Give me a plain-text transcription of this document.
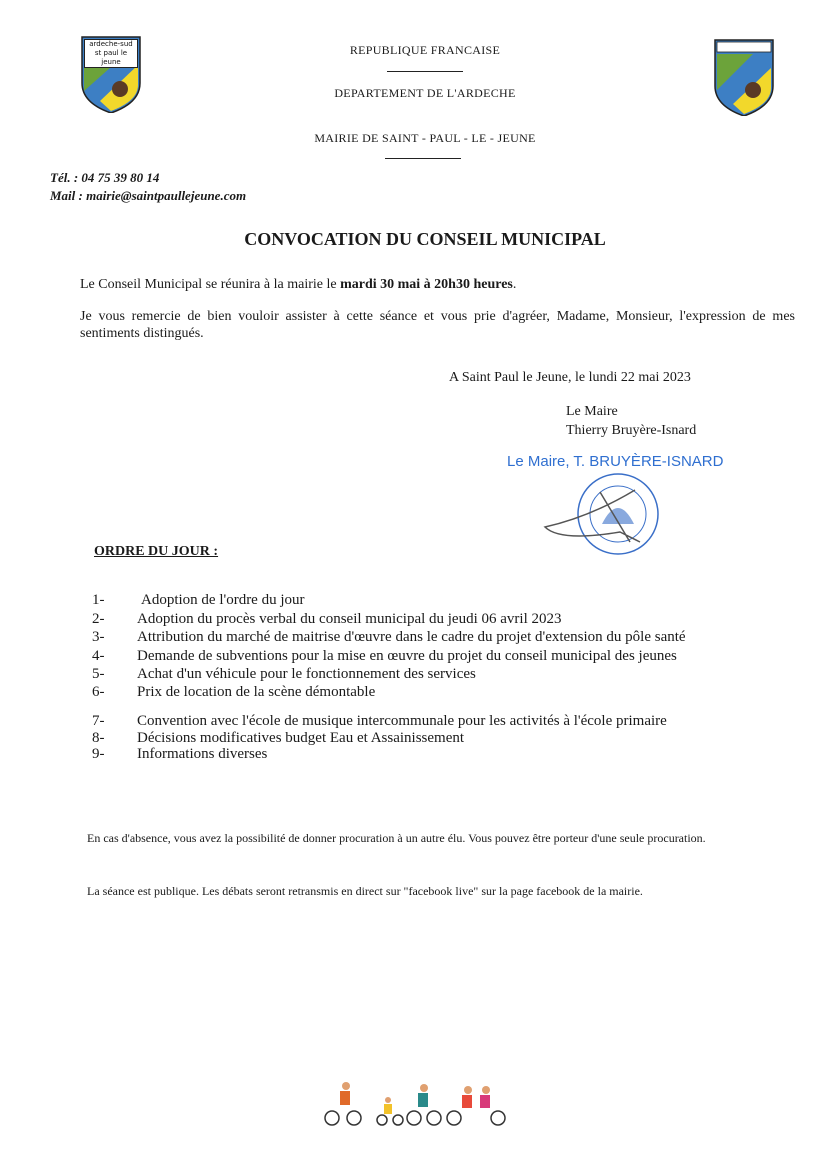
ardeche-sud st paul le jeune
REPUBLIQUE FRANCAISE
DEPARTEMENT DE L'ARDECHE
MAIRIE DE SAINT - PAUL - LE - JEUNE
Tél. : 04 75 39 80 14
Mail : mairie@saintpaullejeune.com
CONVOCATION DU CONSEIL MUNICIPAL
Le Conseil Municipal se réunira à la mairie le mardi 30 mai à 20h30 heures.
Je vous remercie de bien vouloir assister à cette séance et vous prie d'agréer, Madame, Monsieur, l'expression de mes sentiments distingués.
A Saint Paul le Jeune, le lundi 22 mai 2023
Le Maire
Thierry Bruyère-Isnard
Le Maire, T. BRUYÈRE-ISNARD
ORDRE DU JOUR :
1- Adoption de l'ordre du jour
2- Adoption du procès verbal du conseil municipal du jeudi 06 avril 2023
3- Attribution du marché de maitrise d'œuvre dans le cadre du projet d'extension du pôle santé
4- Demande de subventions pour la mise en œuvre du projet du conseil municipal des jeunes
5- Achat d'un véhicule pour le fonctionnement des services
6- Prix de location de la scène démontable
7- Convention avec l'école de musique intercommunale pour les activités à l'école primaire
8- Décisions modificatives budget Eau et Assainissement
9- Informations diverses
En cas d'absence, vous avez la possibilité de donner procuration à un autre élu. Vous pouvez être porteur d'une seule procuration.
La séance est publique. Les débats seront retransmis en direct sur "facebook live" sur la page facebook de la mairie.
